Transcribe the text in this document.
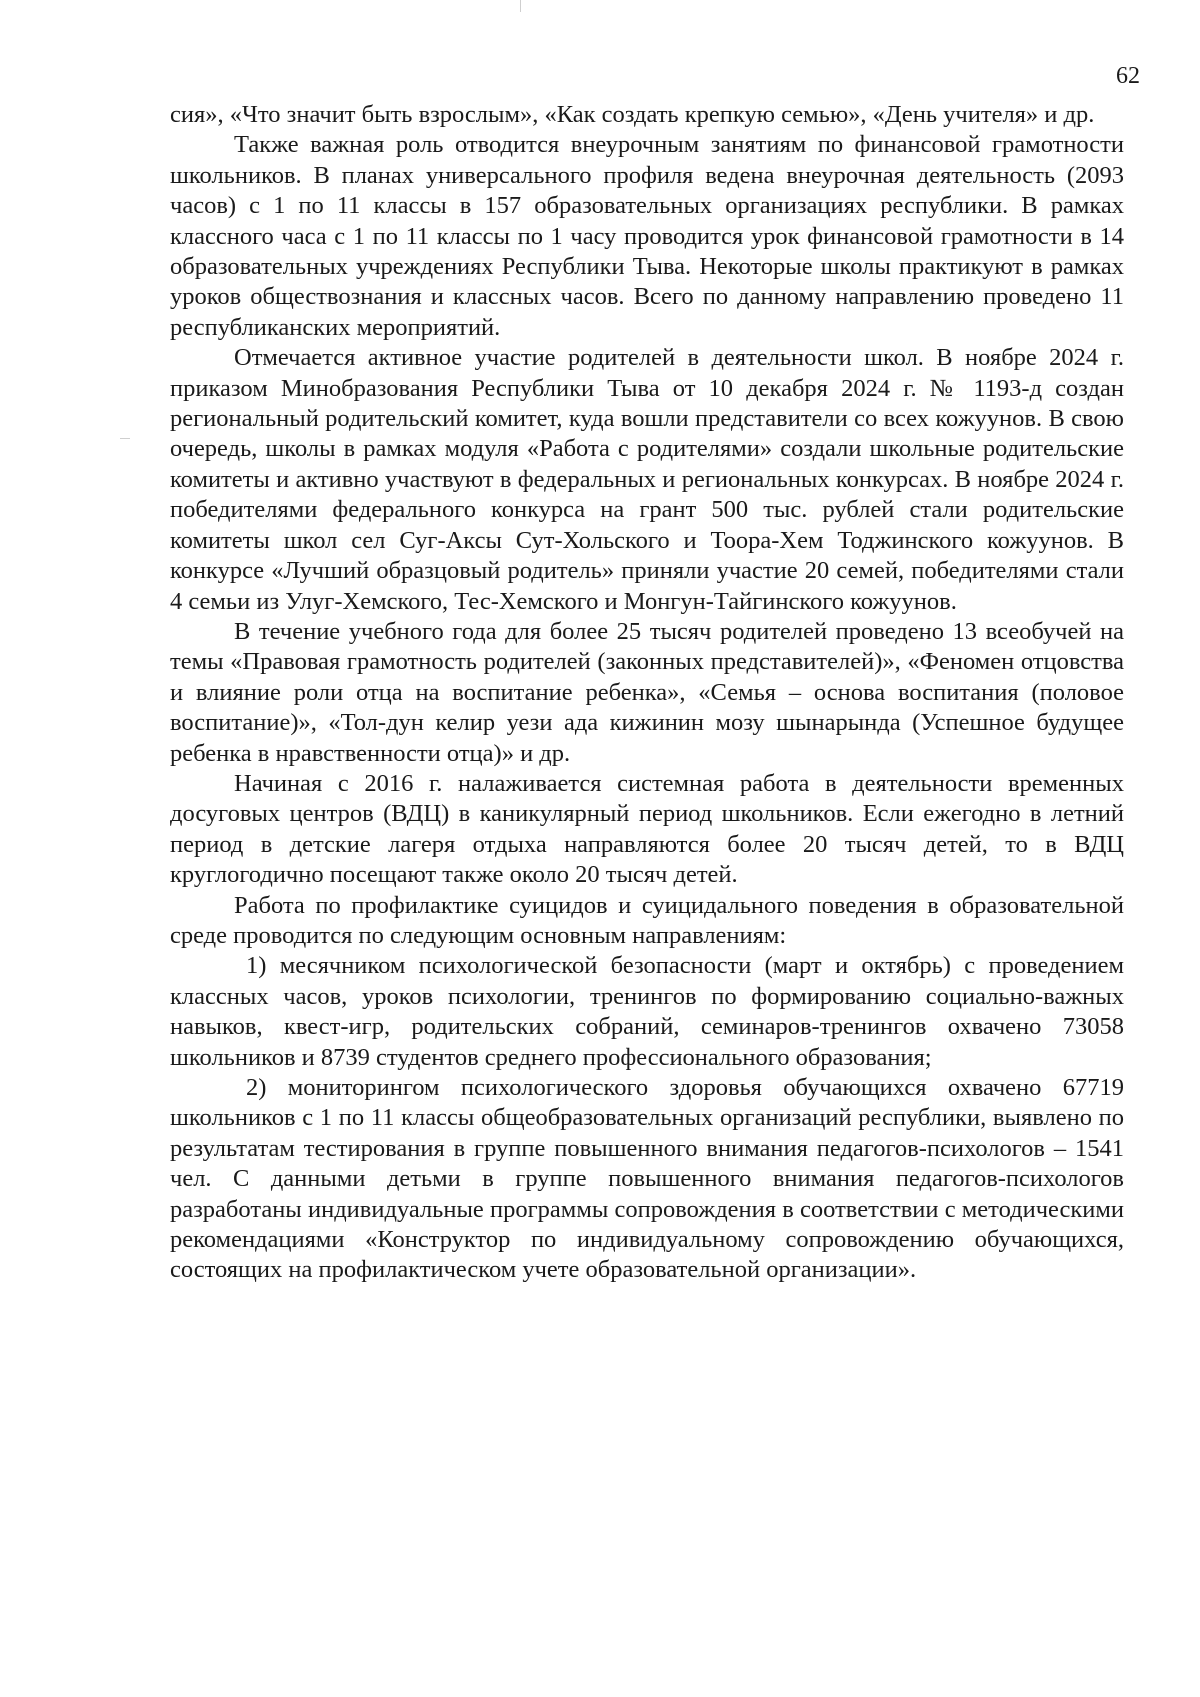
62

сия», «Что значит быть взрослым», «Как создать крепкую семью», «День учителя» и др.

Также важная роль отводится внеурочным занятиям по финансовой грамотности школьников. В планах универсального профиля ведена внеурочная деятельность (2093 часов) с 1 по 11 классы в 157 образовательных организациях республики. В рамках классного часа с 1 по 11 классы по 1 часу проводится урок финансовой грамотности в 14 образовательных учреждениях Республики Тыва. Некоторые школы практикуют в рамках уроков обществознания и классных часов. Всего по данному направлению проведено 11 республиканских мероприятий.

Отмечается активное участие родителей в деятельности школ. В ноябре 2024 г. приказом Минобразования Республики Тыва от 10 декабря 2024 г. № 1193-д создан региональный родительский комитет, куда вошли представители со всех кожуунов. В свою очередь, школы в рамках модуля «Работа с родителями» создали школьные родительские комитеты и активно участвуют в федеральных и региональных конкурсах. В ноябре 2024 г. победителями федерального конкурса на грант 500 тыс. рублей стали родительские комитеты школ сел Суг-Аксы Сут-Хольского и Тоора-Хем Тоджинского кожуунов. В конкурсе «Лучший образцовый родитель» приняли участие 20 семей, победителями стали 4 семьи из Улуг-Хемского, Тес-Хемского и Монгун-Тайгинского кожуунов.

В течение учебного года для более 25 тысяч родителей проведено 13 всеобучей на темы «Правовая грамотность родителей (законных представителей)», «Феномен отцовства и влияние роли отца на воспитание ребенка», «Семья – основа воспитания (половое воспитание)», «Тол-дун келир уези ада кижинин мозу шынарында (Успешное будущее ребенка в нравственности отца)» и др.

Начиная с 2016 г. налаживается системная работа в деятельности временных досуговых центров (ВДЦ) в каникулярный период школьников. Если ежегодно в летний период в детские лагеря отдыха направляются более 20 тысяч детей, то в ВДЦ круглогодично посещают также около 20 тысяч детей.

Работа по профилактике суицидов и суицидального поведения в образовательной среде проводится по следующим основным направлениям:

1) месячником психологической безопасности (март и октябрь) с проведением классных часов, уроков психологии, тренингов по формированию социально-важных навыков, квест-игр, родительских собраний, семинаров-тренингов охвачено 73058 школьников и 8739 студентов среднего профессионального образования;

2) мониторингом психологического здоровья обучающихся охвачено 67719 школьников с 1 по 11 классы общеобразовательных организаций республики, выявлено по результатам тестирования в группе повышенного внимания педагогов-психологов – 1541 чел. С данными детьми в группе повышенного внимания педагогов-психологов разработаны индивидуальные программы сопровождения в соответствии с методическими рекомендациями «Конструктор по индивидуальному сопровождению обучающихся, состоящих на профилактическом учете образовательной организации».
